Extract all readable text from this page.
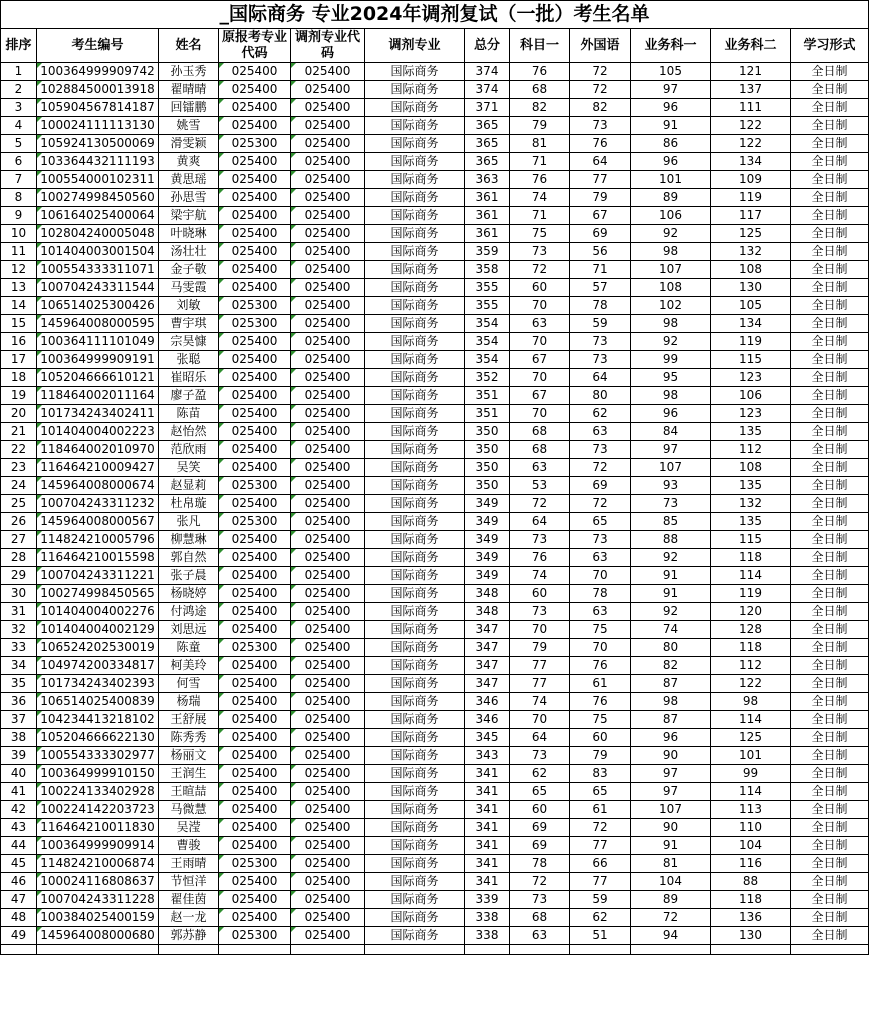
_国际商务 专业2024年调剂复试（一批）考生名单
排序	考生编号	姓名	原报考专业代码	调剂专业代码	调剂专业	总分	科目一	外国语	业务科一	业务科二	学习形式
1	100364999909742	孙玉秀	025400	025400	国际商务	374	76	72	105	121	全日制
2	102884500013918	翟晴晴	025400	025400	国际商务	374	68	72	97	137	全日制
3	105904567814187	回镭鹏	025400	025400	国际商务	371	82	82	96	111	全日制
4	100024111113130	姚雪	025400	025400	国际商务	365	79	73	91	122	全日制
5	105924130500069	滑雯颖	025300	025400	国际商务	365	81	76	86	122	全日制
6	103364432111193	黄爽	025400	025400	国际商务	365	71	64	96	134	全日制
7	100554000102311	黄思瑶	025400	025400	国际商务	363	76	77	101	109	全日制
8	100274998450560	孙思雪	025400	025400	国际商务	361	74	79	89	119	全日制
9	106164025400064	梁宇航	025400	025400	国际商务	361	71	67	106	117	全日制
10	102804240005048	叶晓琳	025400	025400	国际商务	361	75	69	92	125	全日制
11	101404003001504	汤壮壮	025400	025400	国际商务	359	73	56	98	132	全日制
12	100554333311071	金子敬	025400	025400	国际商务	358	72	71	107	108	全日制
13	100704243311544	马雯霞	025400	025400	国际商务	355	60	57	108	130	全日制
14	106514025300426	刘敏	025300	025400	国际商务	355	70	78	102	105	全日制
15	145964008000595	曹宇琪	025300	025400	国际商务	354	63	59	98	134	全日制
16	100364111101049	宗昊慷	025400	025400	国际商务	354	70	73	92	119	全日制
17	100364999909191	张聪	025400	025400	国际商务	354	67	73	99	115	全日制
18	105204666610121	崔昭乐	025400	025400	国际商务	352	70	64	95	123	全日制
19	118464002011164	廖子盈	025400	025400	国际商务	351	67	80	98	106	全日制
20	101734243402411	陈苗	025400	025400	国际商务	351	70	62	96	123	全日制
21	101404004002223	赵怡然	025400	025400	国际商务	350	68	63	84	135	全日制
22	118464002010970	范欣雨	025400	025400	国际商务	350	68	73	97	112	全日制
23	116464210009427	吴笑	025400	025400	国际商务	350	63	72	107	108	全日制
24	145964008000674	赵显莉	025300	025400	国际商务	350	53	69	93	135	全日制
25	100704243311232	杜帛璇	025400	025400	国际商务	349	72	72	73	132	全日制
26	145964008000567	张凡	025300	025400	国际商务	349	64	65	85	135	全日制
27	114824210005796	柳慧琳	025400	025400	国际商务	349	73	73	88	115	全日制
28	116464210015598	郭自然	025400	025400	国际商务	349	76	63	92	118	全日制
29	100704243311221	张子晨	025400	025400	国际商务	349	74	70	91	114	全日制
30	100274998450565	杨晓婷	025400	025400	国际商务	348	60	78	91	119	全日制
31	101404004002276	付鸿途	025400	025400	国际商务	348	73	63	92	120	全日制
32	101404004002129	刘思远	025400	025400	国际商务	347	70	75	74	128	全日制
33	106524202530019	陈童	025300	025400	国际商务	347	79	70	80	118	全日制
34	104974200334817	柯美玲	025400	025400	国际商务	347	77	76	82	112	全日制
35	101734243402393	何雪	025400	025400	国际商务	347	77	61	87	122	全日制
36	106514025400839	杨瑞	025400	025400	国际商务	346	74	76	98	98	全日制
37	104234413218102	王舒展	025400	025400	国际商务	346	70	75	87	114	全日制
38	105204666622130	陈秀秀	025400	025400	国际商务	345	64	60	96	125	全日制
39	100554333302977	杨丽文	025400	025400	国际商务	343	73	79	90	101	全日制
40	100364999910150	王润生	025400	025400	国际商务	341	62	83	97	99	全日制
41	100224133402928	王暄喆	025400	025400	国际商务	341	65	65	97	114	全日制
42	100224142203723	马微慧	025400	025400	国际商务	341	60	61	107	113	全日制
43	116464210011830	吴滢	025400	025400	国际商务	341	69	72	90	110	全日制
44	100364999909914	曹骏	025400	025400	国际商务	341	69	77	91	104	全日制
45	114824210006874	王雨晴	025300	025400	国际商务	341	78	66	81	116	全日制
46	100024116808637	节恒洋	025400	025400	国际商务	341	72	77	104	88	全日制
47	100704243311228	翟佳茵	025400	025400	国际商务	339	73	59	89	118	全日制
48	100384025400159	赵一龙	025400	025400	国际商务	338	68	62	72	136	全日制
49	145964008000680	郭苏静	025300	025400	国际商务	338	63	51	94	130	全日制
